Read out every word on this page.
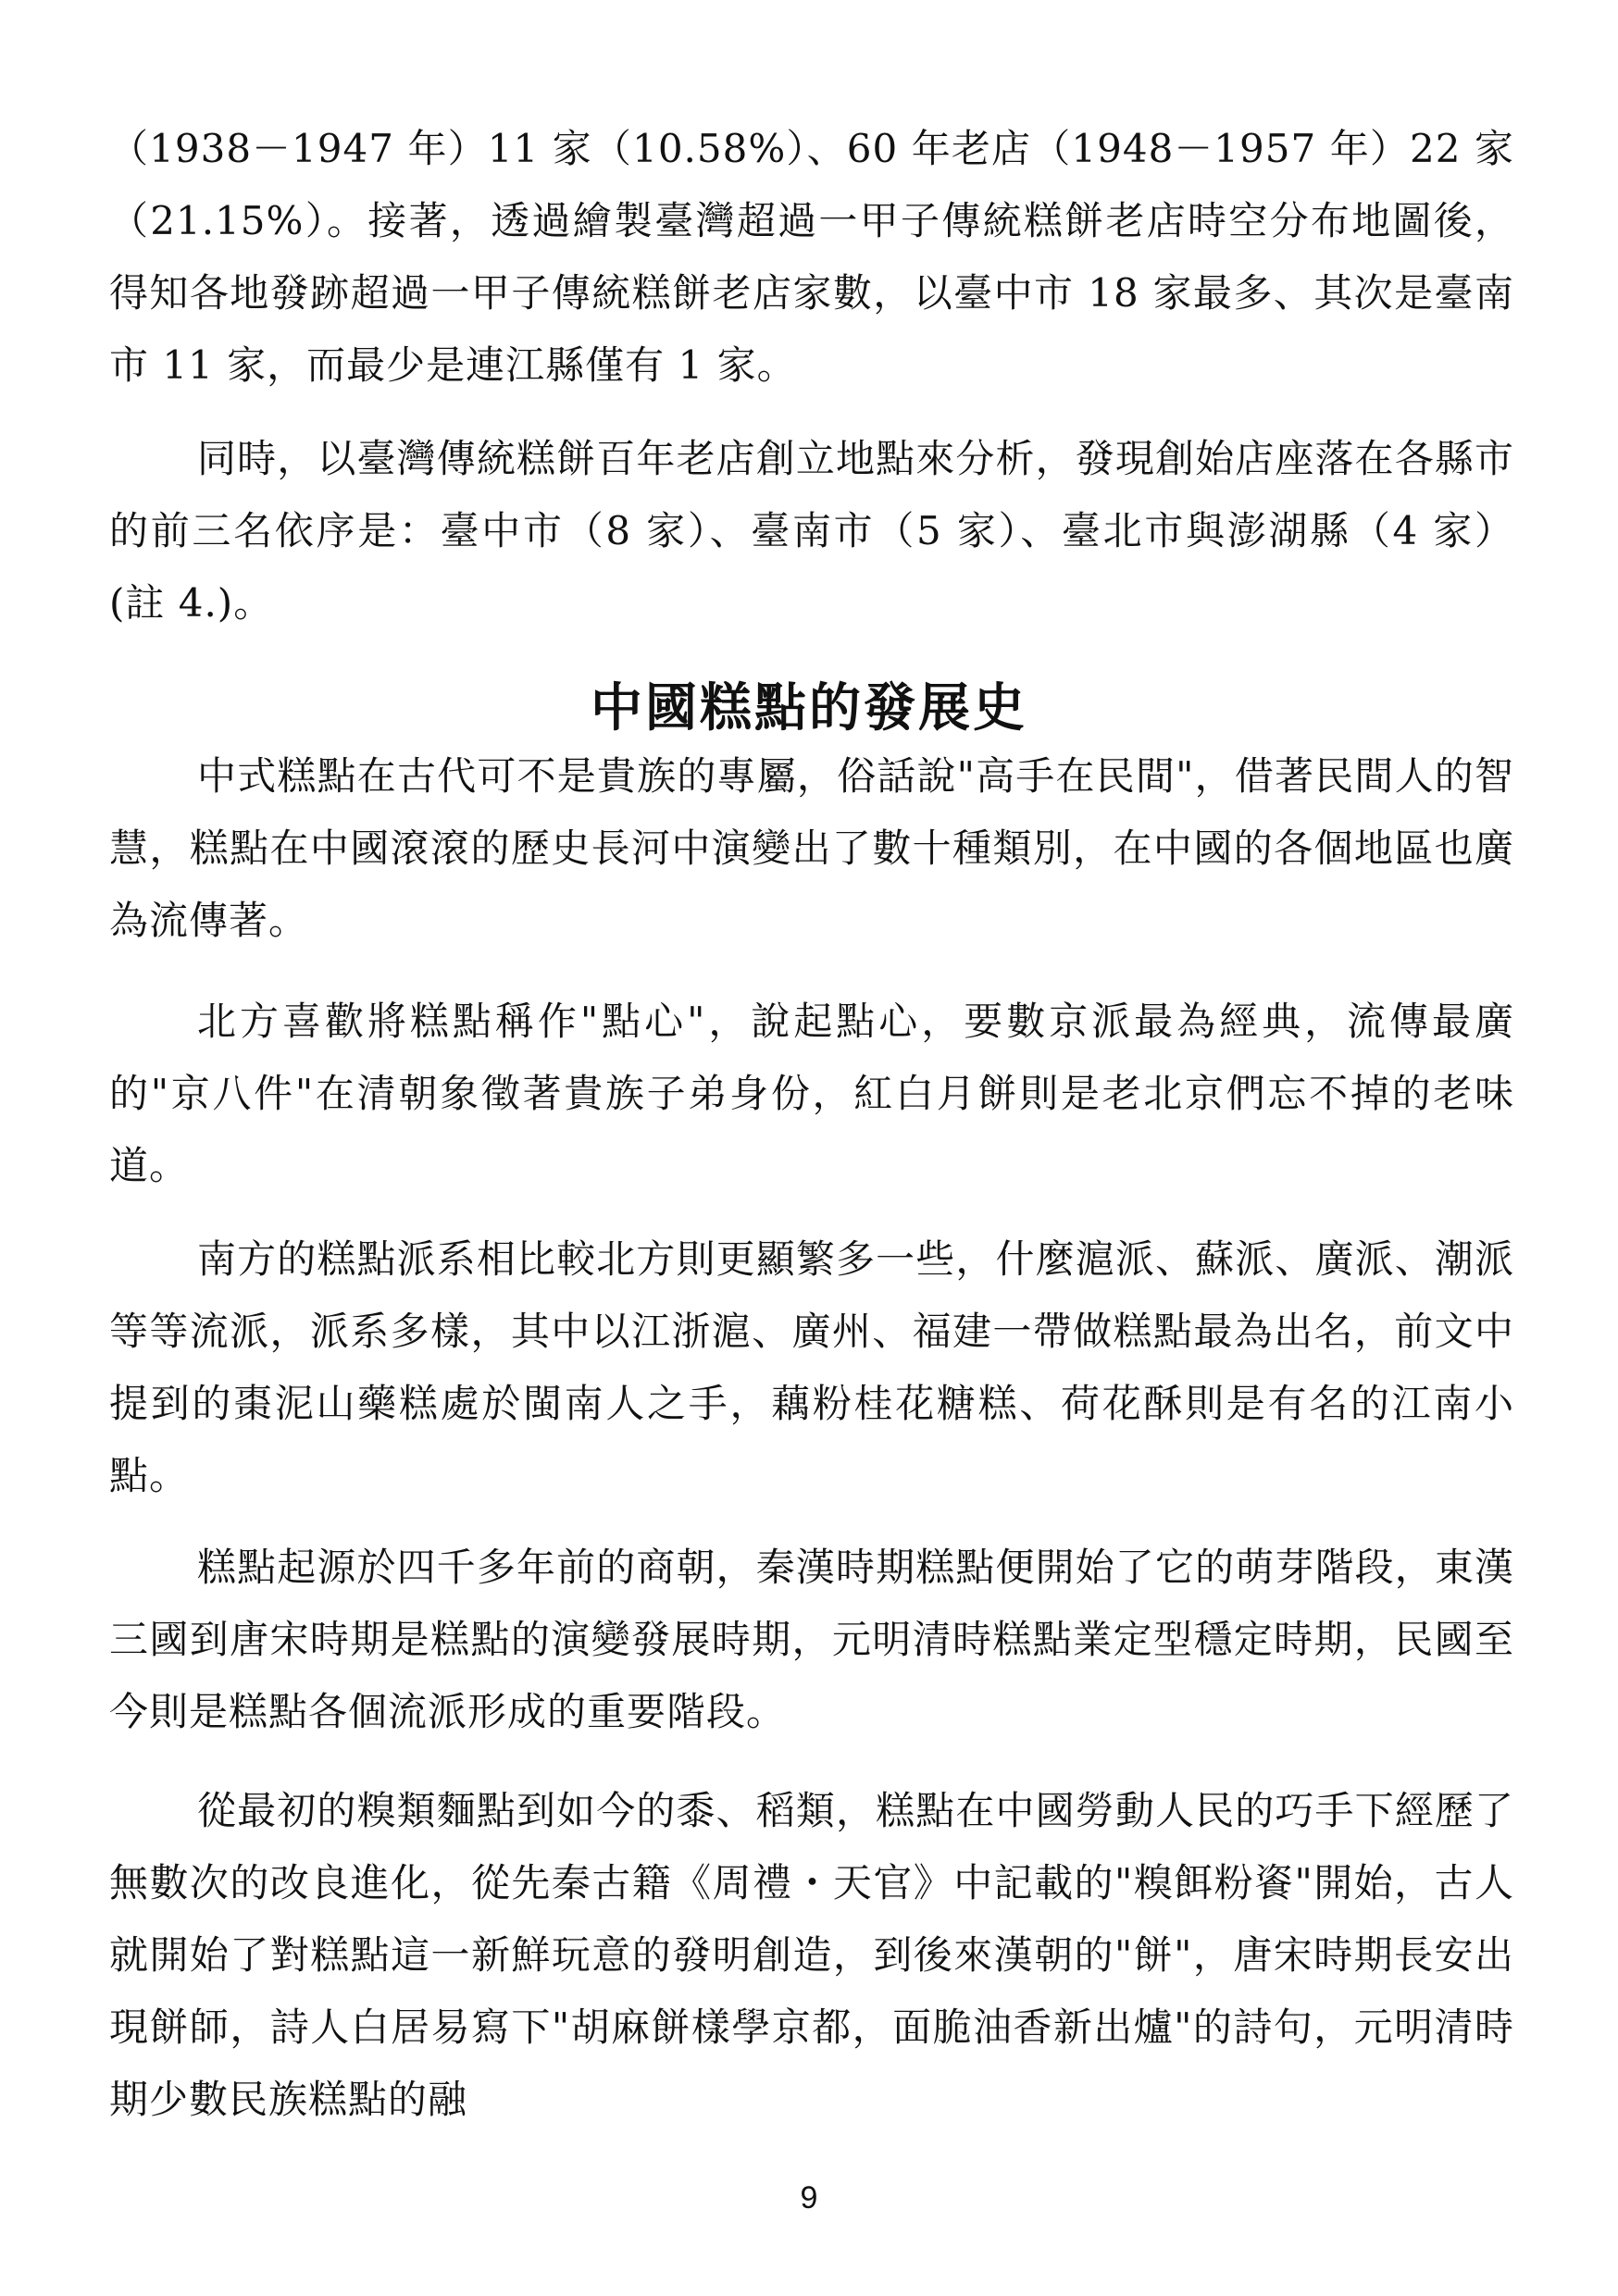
（1938－1947 年）11 家（10.58%）、60 年老店（1948－1957 年）22 家（21.15%）。接著，透過繪製臺灣超過一甲子傳統糕餅老店時空分布地圖後，得知各地發跡超過一甲子傳統糕餅老店家數，以臺中市 18 家最多、其次是臺南市 11 家，而最少是連江縣僅有 1 家。

同時，以臺灣傳統糕餅百年老店創立地點來分析，發現創始店座落在各縣市的前三名依序是：臺中市（8 家）、臺南市（5 家）、臺北市與澎湖縣（4 家）(註 4.)。

中國糕點的發展史

中式糕點在古代可不是貴族的專屬，俗話說"高手在民間"，借著民間人的智慧，糕點在中國滾滾的歷史長河中演變出了數十種類別，在中國的各個地區也廣為流傳著。

北方喜歡將糕點稱作"點心"，說起點心，要數京派最為經典，流傳最廣的"京八件"在清朝象徵著貴族子弟身份，紅白月餅則是老北京們忘不掉的老味道。

南方的糕點派系相比較北方則更顯繁多一些，什麼滬派、蘇派、廣派、潮派等等流派，派系多樣，其中以江浙滬、廣州、福建一帶做糕點最為出名，前文中提到的棗泥山藥糕處於閩南人之手，藕粉桂花糖糕、荷花酥則是有名的江南小點。

糕點起源於四千多年前的商朝，秦漢時期糕點便開始了它的萌芽階段，東漢三國到唐宋時期是糕點的演變發展時期，元明清時糕點業定型穩定時期，民國至今則是糕點各個流派形成的重要階段。

從最初的糗類麵點到如今的黍、稻類，糕點在中國勞動人民的巧手下經歷了無數次的改良進化，從先秦古籍《周禮・天官》中記載的"糗餌粉餈"開始，古人就開始了對糕點這一新鮮玩意的發明創造，到後來漢朝的"餅"，唐宋時期長安出現餅師，詩人白居易寫下"胡麻餅樣學京都，面脆油香新出爐"的詩句，元明清時期少數民族糕點的融

9
